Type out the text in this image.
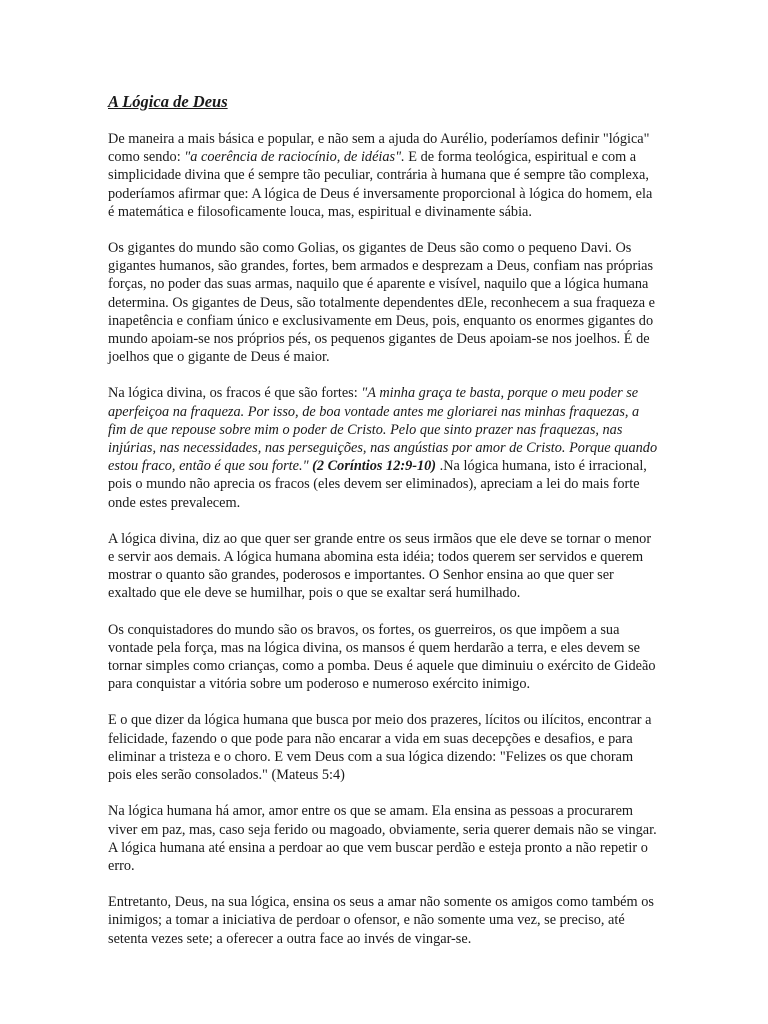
A Lógica de Deus

De maneira a mais básica e popular, e não sem a ajuda do Aurélio, poderíamos definir "lógica" como sendo: "a coerência de raciocínio, de idéias". E de forma teológica, espiritual e com a simplicidade divina que é sempre tão peculiar, contrária à humana que é sempre tão complexa, poderíamos afirmar que: A lógica de Deus é inversamente proporcional à lógica do homem, ela é matemática e filosoficamente louca, mas, espiritual e divinamente sábia.

Os gigantes do mundo são como Golias, os gigantes de Deus são como o pequeno Davi. Os gigantes humanos, são grandes, fortes, bem armados e desprezam a Deus, confiam nas próprias forças, no poder das suas armas, naquilo que é aparente e visível, naquilo que a lógica humana determina. Os gigantes de Deus, são totalmente dependentes dEle, reconhecem a sua fraqueza e inapetência e confiam único e exclusivamente em Deus, pois, enquanto os enormes gigantes do mundo apoiam-se nos próprios pés, os pequenos gigantes de Deus apoiam-se nos joelhos. É de joelhos que o gigante de Deus é maior.

Na lógica divina, os fracos é que são fortes: "A minha graça te basta, porque o meu poder se aperfeiçoa na fraqueza. Por isso, de boa vontade antes me gloriarei nas minhas fraquezas, a fim de que repouse sobre mim o poder de Cristo. Pelo que sinto prazer nas fraquezas, nas injúrias, nas necessidades, nas perseguições, nas angústias por amor de Cristo. Porque quando estou fraco, então é que sou forte." (2 Coríntios 12:9-10) .Na lógica humana, isto é irracional, pois o mundo não aprecia os fracos (eles devem ser eliminados), apreciam a lei do mais forte onde estes prevalecem.

A lógica divina, diz ao que quer ser grande entre os seus irmãos que ele deve se tornar o menor e servir aos demais. A lógica humana abomina esta idéia; todos querem ser servidos e querem mostrar o quanto são grandes, poderosos e importantes. O Senhor ensina ao que quer ser exaltado que ele deve se humilhar, pois o que se exaltar será humilhado.

Os conquistadores do mundo são os bravos, os fortes, os guerreiros, os que impõem a sua vontade pela força, mas na lógica divina, os mansos é quem herdarão a terra, e eles devem se tornar simples como crianças, como a pomba. Deus é aquele que diminuiu o exército de Gideão para conquistar a vitória sobre um poderoso e numeroso exército inimigo.

E o que dizer da lógica humana que busca por meio dos prazeres, lícitos ou ilícitos, encontrar a felicidade, fazendo o que pode para não encarar a vida em suas decepções e desafios, e para eliminar a tristeza e o choro. E vem Deus com a sua lógica dizendo: "Felizes os que choram pois eles serão consolados." (Mateus 5:4)

Na lógica humana há amor, amor entre os que se amam. Ela ensina as pessoas a procurarem viver em paz, mas, caso seja ferido ou magoado, obviamente, seria querer demais não se vingar. A lógica humana até ensina a perdoar ao que vem buscar perdão e esteja pronto a não repetir o erro.

Entretanto, Deus, na sua lógica, ensina os seus a amar não somente os amigos como também os inimigos; a tomar a iniciativa de perdoar o ofensor, e não somente uma vez, se preciso, até setenta vezes sete; a oferecer a outra face ao invés de vingar-se.
